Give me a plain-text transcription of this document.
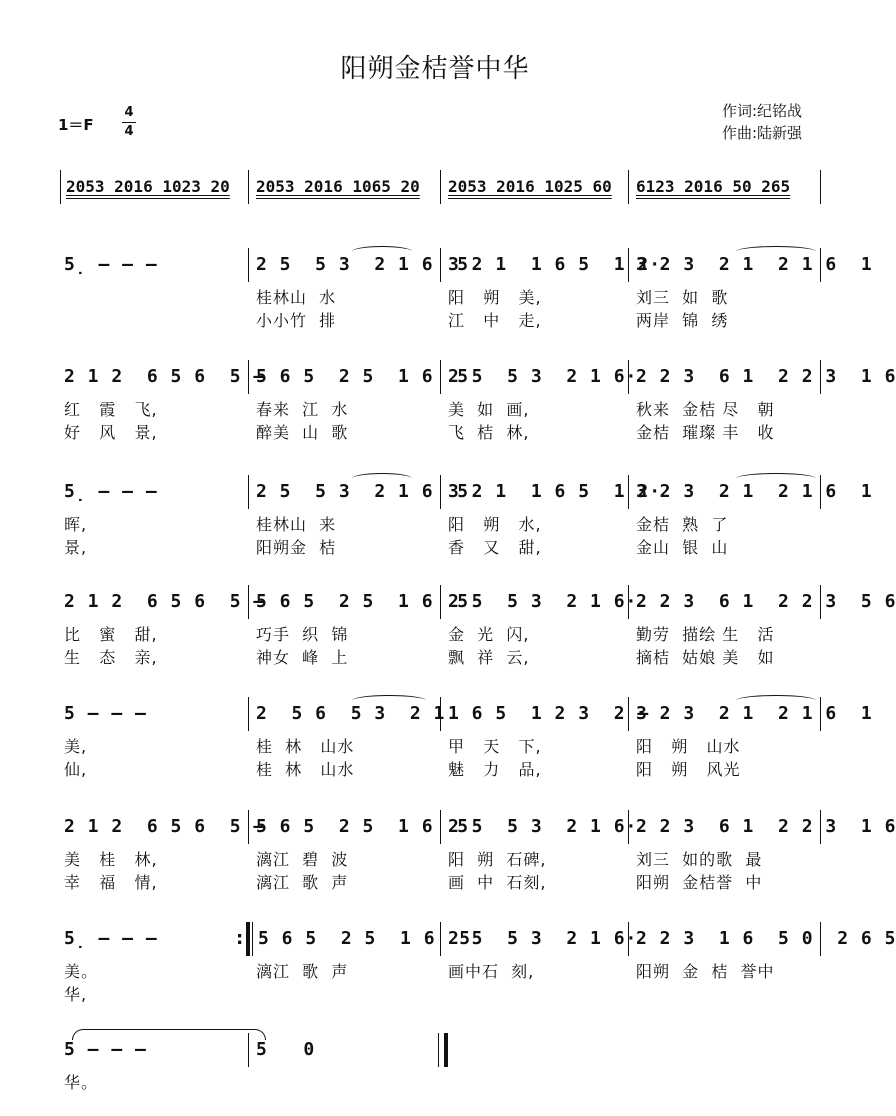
阳朔金桔誉中华
1＝F
4
4
作词:纪铭战
作曲:陆新强
2053 2016 1023 20 2053 2016 1065 20 2053 2016 1025 60 6123 2016 50 265
5̣ – – –	2 5  5 3  2 1 6  5
3 2 1  1 6 5  1 2·
3 2 3  2 1  2 1 6  1
桂林山  水	阳   朔   美,	刘三  如  歌
小小竹  排	江   中   走,	两岸  锦  绣
2 1 2  6 5 6  5 –
5 6 5  2 5  1 6  5
2 5  5 3  2 1 6·
2 2 3  6 1  2 2 3  1 6
红   霞   飞,	春来  江  水	美  如  画,	秋来  金桔 尽   朝
好   风   景,	醉美  山  歌	飞  桔  林,	金桔  璀璨 丰   收
5̣ – – –	2 5  5 3  2 1 6  5
3 2 1  1 6 5  1 2·
3 2 3  2 1  2 1 6  1
晖,	桂林山  来	阳   朔   水,	金桔  熟  了
景,	阳朔金  桔	香   又   甜,	金山  银  山
2 1 2  6 5 6  5 –
5 6 5  2 5  1 6  5
2 5  5 3  2 1 6·
2 2 3  6 1  2 2 3  5 6
比   蜜   甜,	巧手  织  锦	金  光  闪,	勤劳  描绘 生   活
生   态   亲,	神女  峰  上	飘  祥  云,	摘桔  姑娘 美   如
5 – – –	2  5 6  5 3  2 1 1 6 5  1 2 3  2 –
3 2 3  2 1  2 1 6  1
美,	桂  林   山水	甲   天   下,	阳   朔   山水
仙,	桂  林   山水	魅   力   品,	阳   朔   风光
2 1 2  6 5 6  5 –
5 6 5  2 5  1 6  5
2 5  5 3  2 1 6·
2 2 3  6 1  2 2 3  1 6
美   桂   林,	漓江  碧  波	阳  朔  石碑,	刘三  如的歌  最
幸   福   情,	漓江  歌  声	画  中  石刻,	阳朔  金桔誉  中
5̣ – – –	: 5 6 5  2 5  1 6  5
2 5  5 3  2 1 6·
2 2 3  1 6  5 0  2 6 5
美。	漓江  歌  声	画中石  刻,	阳朔  金  桔  誉中
华,
5 – – –	5   0
华。
